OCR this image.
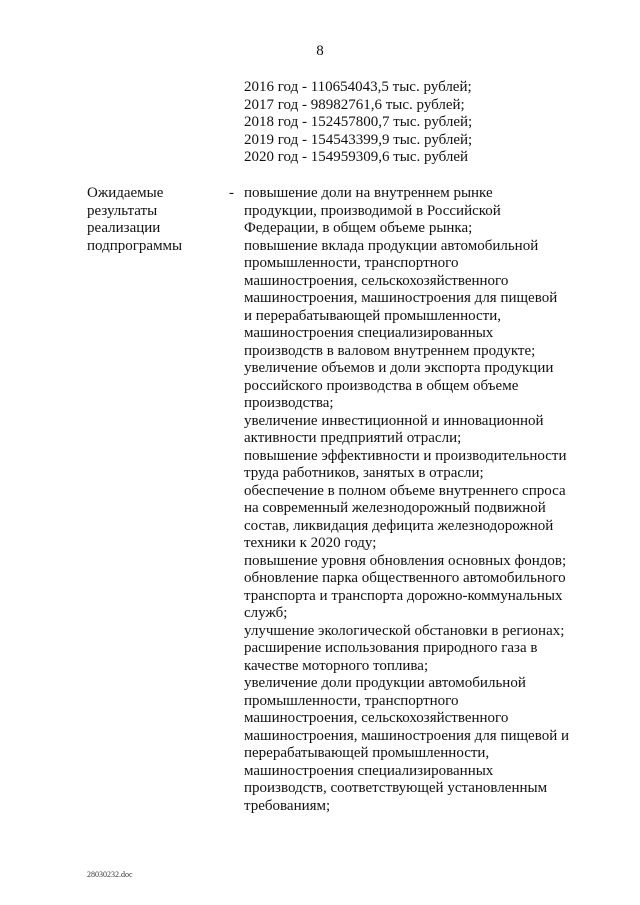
8
2016 год - 110654043,5 тыс. рублей;
2017 год - 98982761,6 тыс. рублей;
2018 год - 152457800,7 тыс. рублей;
2019 год - 154543399,9 тыс. рублей;
2020 год - 154959309,6 тыс. рублей
Ожидаемые
результаты
реализации
подпрограммы
- повышение доли на внутреннем рынке
продукции, производимой в Российской
Федерации, в общем объеме рынка;
повышение вклада продукции автомобильной
промышленности, транспортного
машиностроения, сельскохозяйственного
машиностроения, машиностроения для пищевой
и перерабатывающей промышленности,
машиностроения специализированных
производств в валовом внутреннем продукте;
увеличение объемов и доли экспорта продукции
российского производства в общем объеме
производства;
увеличение инвестиционной и инновационной
активности предприятий отрасли;
повышение эффективности и производительности
труда работников, занятых в отрасли;
обеспечение в полном объеме внутреннего спроса
на современный железнодорожный подвижной
состав, ликвидация дефицита железнодорожной
техники к 2020 году;
повышение уровня обновления основных фондов;
обновление парка общественного автомобильного
транспорта и транспорта дорожно-коммунальных
служб;
улучшение экологической обстановки в регионах;
расширение использования природного газа в
качестве моторного топлива;
увеличение доли продукции автомобильной
промышленности, транспортного
машиностроения, сельскохозяйственного
машиностроения, машиностроения для пищевой и
перерабатывающей промышленности,
машиностроения специализированных
производств, соответствующей установленным
требованиям;
28030232.doc
